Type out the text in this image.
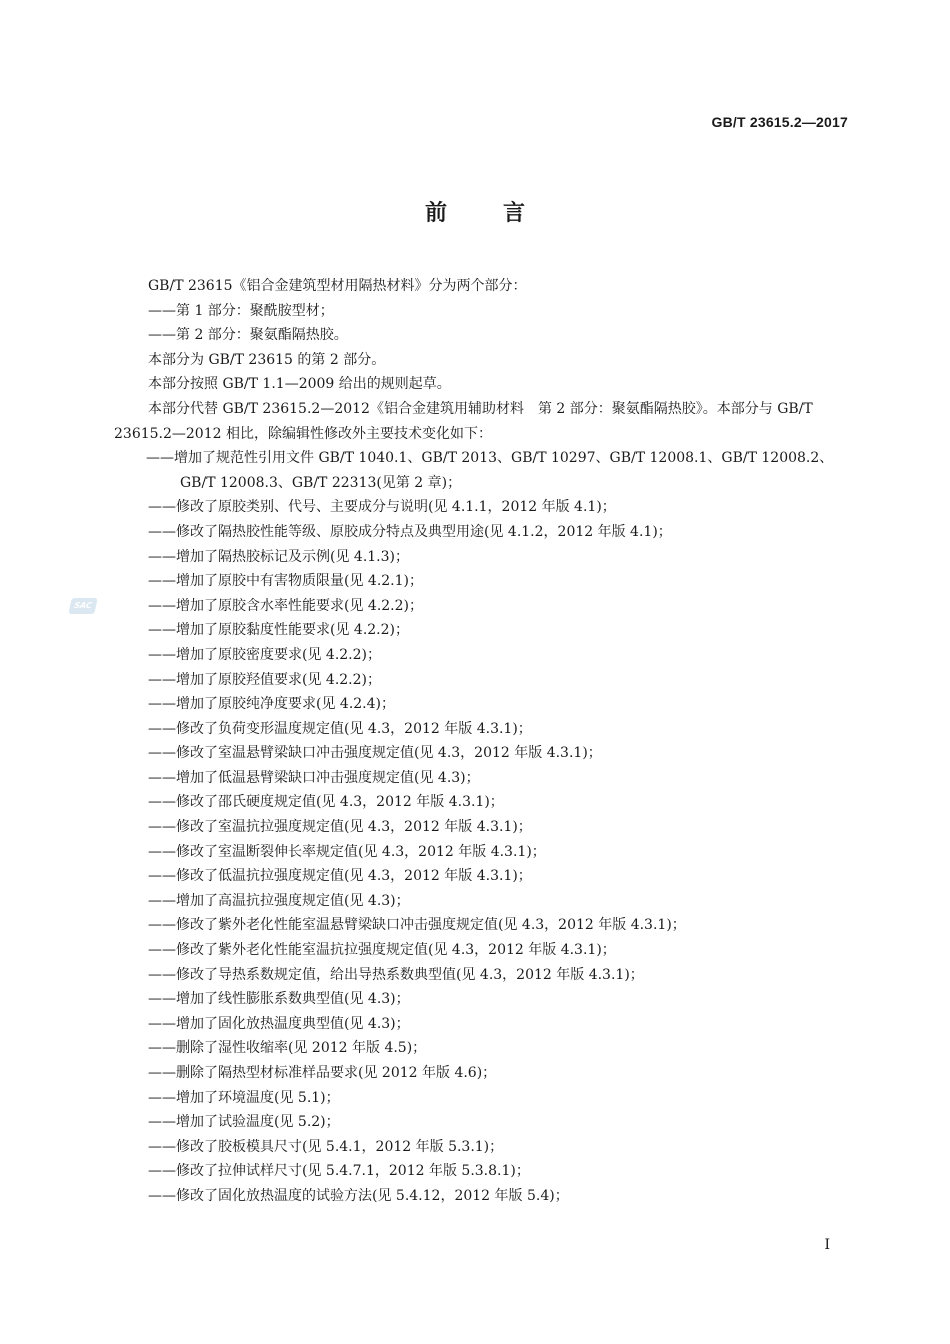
GB/T 23615.2—2017
前言
SAC

GB/T 23615《铝合金建筑型材用隔热材料》分为两个部分：

——第 1 部分：聚酰胺型材；

——第 2 部分：聚氨酯隔热胶。

本部分为 GB/T 23615 的第 2 部分。

本部分按照 GB/T 1.1—2009 给出的规则起草。

本部分代替 GB/T 23615.2—2012《铝合金建筑用辅助材料　第 2 部分：聚氨酯隔热胶》。本部分与 GB/T 23615.2—2012 相比，除编辑性修改外主要技术变化如下：

——增加了规范性引用文件 GB/T 1040.1、GB/T 2013、GB/T 10297、GB/T 12008.1、GB/T 12008.2、GB/T 12008.3、GB/T 22313(见第 2 章)；

——修改了原胶类别、代号、主要成分与说明(见 4.1.1，2012 年版 4.1)；

——修改了隔热胶性能等级、原胶成分特点及典型用途(见 4.1.2，2012 年版 4.1)；

——增加了隔热胶标记及示例(见 4.1.3)；

——增加了原胶中有害物质限量(见 4.2.1)；

——增加了原胶含水率性能要求(见 4.2.2)；

——增加了原胶黏度性能要求(见 4.2.2)；

——增加了原胶密度要求(见 4.2.2)；

——增加了原胶羟值要求(见 4.2.2)；

——增加了原胶纯净度要求(见 4.2.4)；

——修改了负荷变形温度规定值(见 4.3，2012 年版 4.3.1)；

——修改了室温悬臂梁缺口冲击强度规定值(见 4.3，2012 年版 4.3.1)；

——增加了低温悬臂梁缺口冲击强度规定值(见 4.3)；

——修改了邵氏硬度规定值(见 4.3，2012 年版 4.3.1)；

——修改了室温抗拉强度规定值(见 4.3，2012 年版 4.3.1)；

——修改了室温断裂伸长率规定值(见 4.3，2012 年版 4.3.1)；

——修改了低温抗拉强度规定值(见 4.3，2012 年版 4.3.1)；

——增加了高温抗拉强度规定值(见 4.3)；

——修改了紫外老化性能室温悬臂梁缺口冲击强度规定值(见 4.3，2012 年版 4.3.1)；

——修改了紫外老化性能室温抗拉强度规定值(见 4.3，2012 年版 4.3.1)；

——修改了导热系数规定值，给出导热系数典型值(见 4.3，2012 年版 4.3.1)；

——增加了线性膨胀系数典型值(见 4.3)；

——增加了固化放热温度典型值(见 4.3)；

——删除了湿性收缩率(见 2012 年版 4.5)；

——删除了隔热型材标准样品要求(见 2012 年版 4.6)；

——增加了环境温度(见 5.1)；

——增加了试验温度(见 5.2)；

——修改了胶板模具尺寸(见 5.4.1，2012 年版 5.3.1)；

——修改了拉伸试样尺寸(见 5.4.7.1，2012 年版 5.3.8.1)；

——修改了固化放热温度的试验方法(见 5.4.12，2012 年版 5.4)；

I
